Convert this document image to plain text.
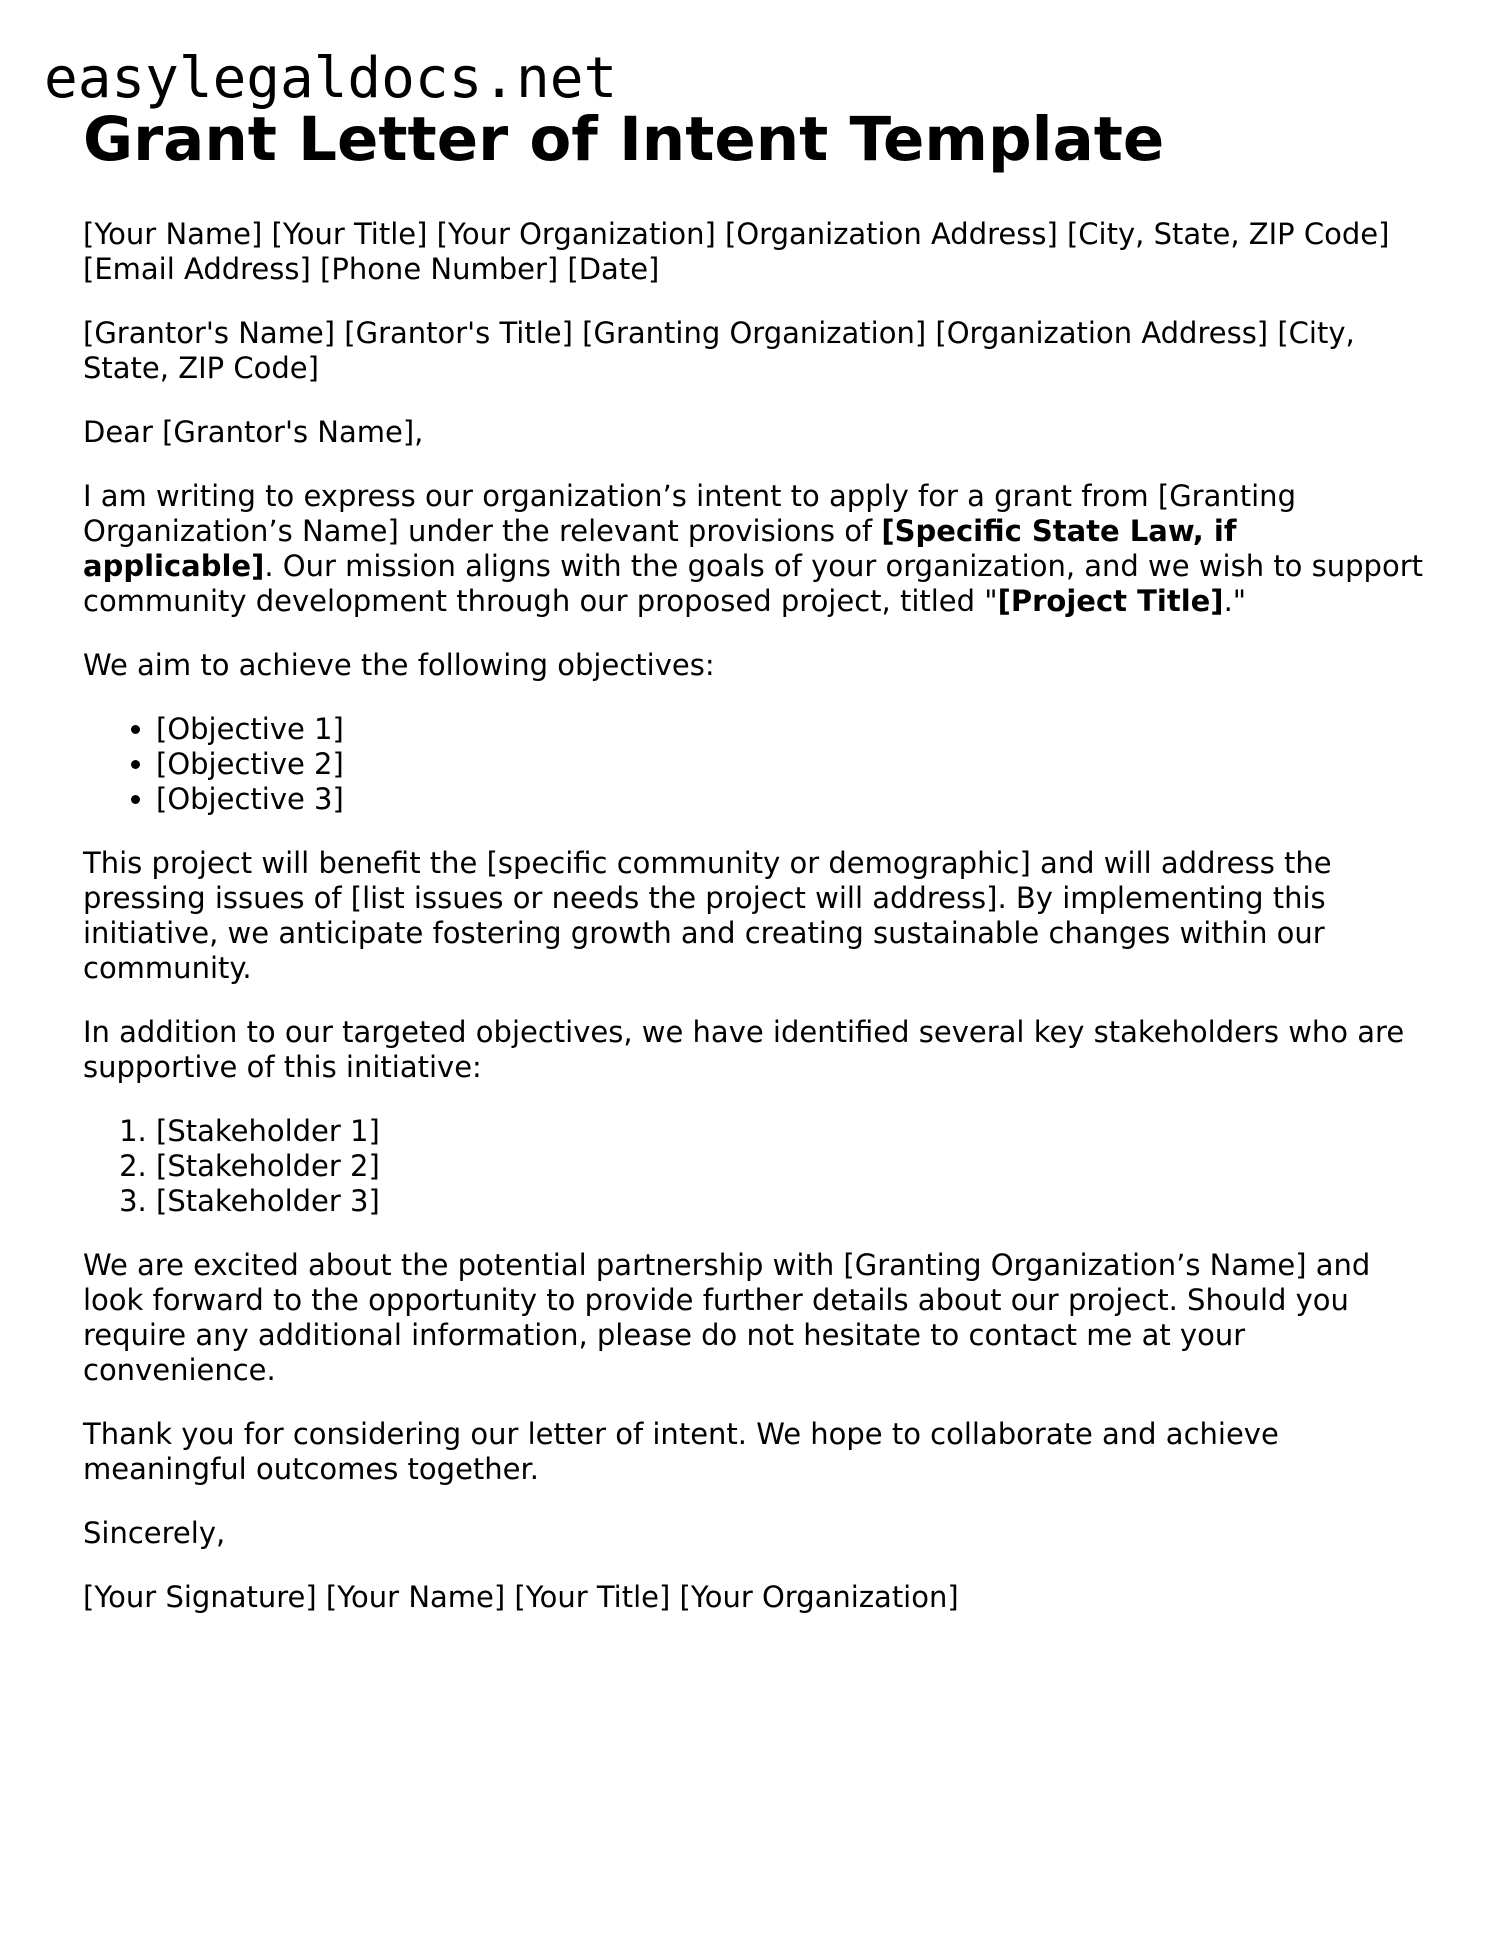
easylegaldocs.net
Grant Letter of Intent Template

[Your Name] [Your Title] [Your Organization] [Organization Address] [City, State, ZIP Code] [Email Address] [Phone Number] [Date]

[Grantor's Name] [Grantor's Title] [Granting Organization] [Organization Address] [City, State, ZIP Code]

Dear [Grantor's Name],

I am writing to express our organization’s intent to apply for a grant from [Granting Organization’s Name] under the relevant provisions of [Specific State Law, if applicable]. Our mission aligns with the goals of your organization, and we wish to support community development through our proposed project, titled "[Project Title]."

We aim to achieve the following objectives:

• [Objective 1]
• [Objective 2]
• [Objective 3]

This project will benefit the [specific community or demographic] and will address the pressing issues of [list issues or needs the project will address]. By implementing this initiative, we anticipate fostering growth and creating sustainable changes within our community.

In addition to our targeted objectives, we have identified several key stakeholders who are supportive of this initiative:

1. [Stakeholder 1]
2. [Stakeholder 2]
3. [Stakeholder 3]

We are excited about the potential partnership with [Granting Organization’s Name] and look forward to the opportunity to provide further details about our project. Should you require any additional information, please do not hesitate to contact me at your convenience.

Thank you for considering our letter of intent. We hope to collaborate and achieve meaningful outcomes together.

Sincerely,

[Your Signature] [Your Name] [Your Title] [Your Organization]
